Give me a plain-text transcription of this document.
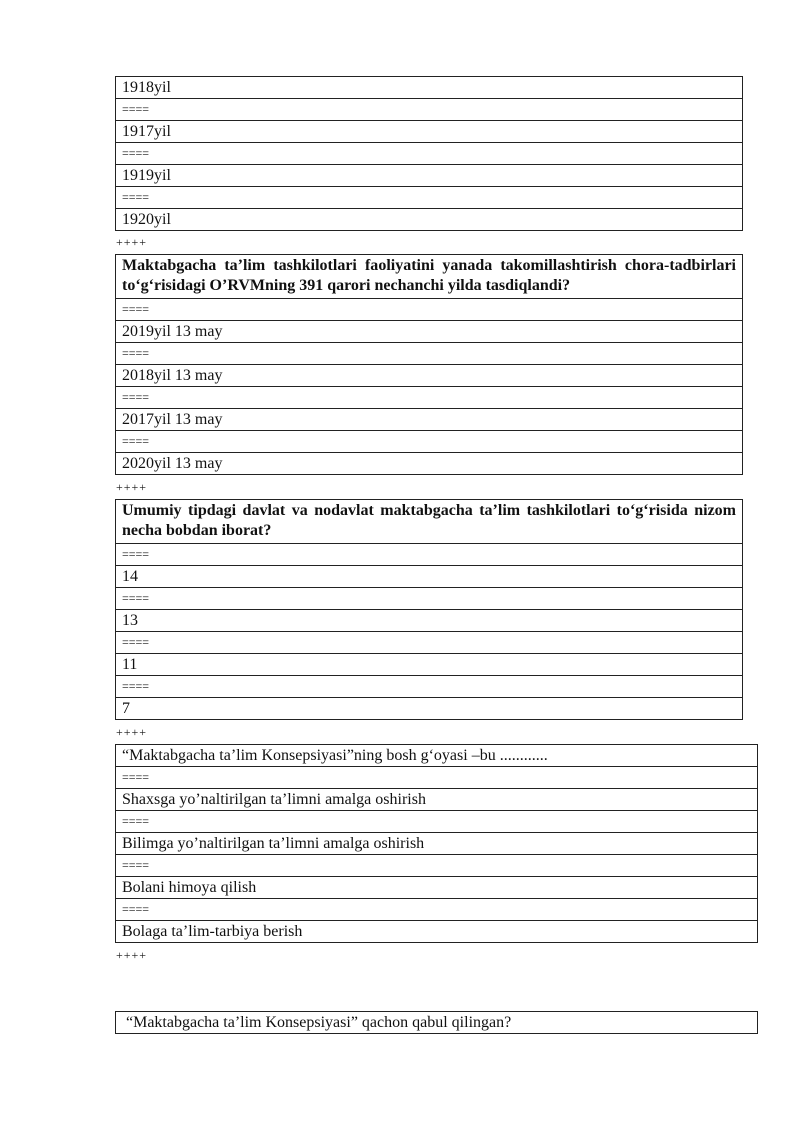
1918yil
====
1917yil
====
1919yil
====
1920yil
++++
Maktabgacha ta’lim tashkilotlari faoliyatini yanada takomillashtirish chora-tadbirlari to‘g‘risidagi O’RVMning 391 qarori nechanchi yilda tasdiqlandi?
====
2019yil 13 may
====
2018yil 13 may
====
2017yil 13 may
====
2020yil 13 may
++++
Umumiy tipdagi davlat va nodavlat maktabgacha ta’lim tashkilotlari to‘g‘risida nizom necha bobdan iborat?
====
14
====
13
====
11
====
7
++++
“Maktabgacha ta’lim Konsepsiyasi”ning bosh g‘oyasi –bu ............
====
Shaxsga yo’naltirilgan ta’limni amalga oshirish
====
Bilimga yo’naltirilgan ta’limni amalga oshirish
====
Bolani himoya qilish
====
Bolaga ta’lim-tarbiya berish
++++
“Maktabgacha ta’lim Konsepsiyasi” qachon qabul qilingan?
